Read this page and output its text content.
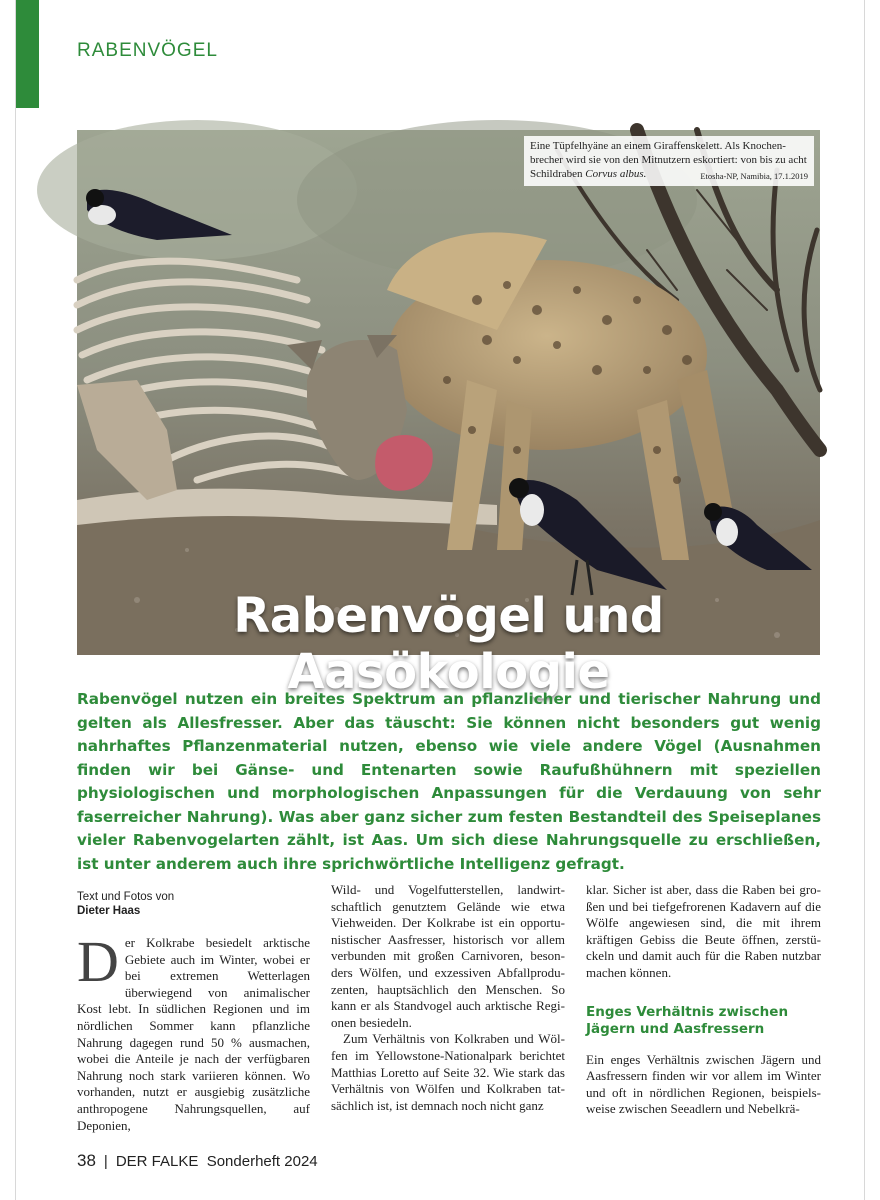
RABENVÖGEL
Eine Tüpfelhyäne an einem Giraffenskelett. Als Knochenbrecher wird sie von den Mitnutzern eskortiert: von bis zu acht Schildraben Corvus albus.	Etosha-NP, Namibia, 17.1.2019
Rabenvögel und Aasökologie
Rabenvögel nutzen ein breites Spektrum an pflanzlicher und tierischer Nahrung und gelten als Allesfresser. Aber das täuscht: Sie können nicht besonders gut wenig nahrhaftes Pflanzenmaterial nutzen, ebenso wie viele andere Vögel (Ausnahmen finden wir bei Gänse- und Entenarten sowie Raufußhühnern mit speziellen physiologischen und morphologischen Anpassungen für die Verdauung von sehr faserreicher Nahrung). Was aber ganz sicher zum festen Bestandteil des Speiseplanes vieler Rabenvogelarten zählt, ist Aas. Um sich diese Nahrungsquelle zu erschließen, ist unter anderem auch ihre sprichwörtliche Intelligenz gefragt.
Text und Fotos von
Dieter Haas

Der Kolkrabe besiedelt arktische Gebiete auch im Winter, wobei er bei extremen Wetterlagen überwiegend von animalischer Kost lebt. In südlichen Regionen und im nördlichen Sommer kann pflanzliche Nahrung dagegen rund 50 % ausmachen, wobei die Anteile je nach der verfügbaren Nahrung noch stark variieren können. Wo vorhanden, nutzt er ausgiebig zusätzliche anthropogene Nahrungsquellen, auf Deponien,

Wild- und Vogelfutterstellen, landwirtschaftlich genutztem Gelände wie etwa Viehweiden. Der Kolkrabe ist ein opportunistischer Aasfresser, historisch vor allem verbunden mit großen Carnivoren, besonders Wölfen, und exzessiven Abfallproduzenten, hauptsächlich den Menschen. So kann er als Standvogel auch arktische Regionen besiedeln.

Zum Verhältnis von Kolkraben und Wölfen im Yellowstone-Nationalpark berichtet Matthias Loretto auf Seite 32. Wie stark das Verhältnis von Wölfen und Kolkraben tatsächlich ist, ist demnach noch nicht ganz

klar. Sicher ist aber, dass die Raben bei großen und bei tiefgefrorenen Kadavern auf die Wölfe angewiesen sind, die mit ihrem kräftigen Gebiss die Beute öffnen, zerstückeln und damit auch für die Raben nutzbar machen können.

Enges Verhältnis zwischen Jägern und Aasfressern

Ein enges Verhältnis zwischen Jägern und Aasfressern finden wir vor allem im Winter und oft in nördlichen Regionen, beispielsweise zwischen Seeadlern und Nebelkrä-

38 | DER FALKE Sonderheft 2024
